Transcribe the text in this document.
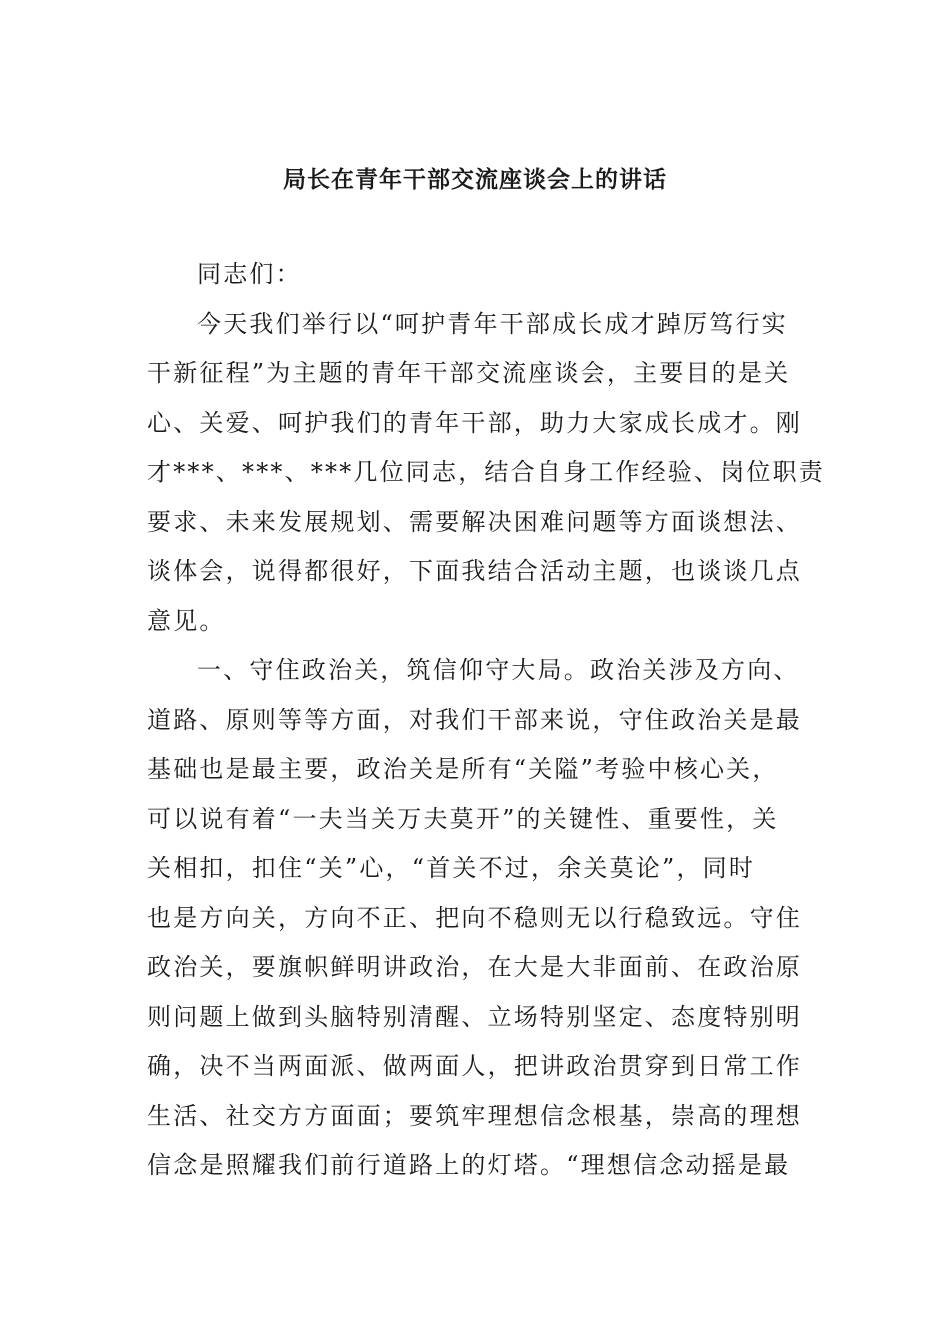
局长在青年干部交流座谈会上的讲话
同志们：
今天我们举行以“呵护青年干部成长成才踔厉笃行实
干新征程”为主题的青年干部交流座谈会，主要目的是关
心、关爱、呵护我们的青年干部，助力大家成长成才。刚
才***、***、***几位同志，结合自身工作经验、岗位职责
要求、未来发展规划、需要解决困难问题等方面谈想法、
谈体会，说得都很好，下面我结合活动主题，也谈谈几点
意见。
一、守住政治关，筑信仰守大局。政治关涉及方向、
道路、原则等等方面，对我们干部来说，守住政治关是最
基础也是最主要，政治关是所有“关隘”考验中核心关，
可以说有着“一夫当关万夫莫开”的关键性、重要性，关
关相扣，扣住“关”心，“首关不过，余关莫论”，同时
也是方向关，方向不正、把向不稳则无以行稳致远。守住
政治关，要旗帜鲜明讲政治，在大是大非面前、在政治原
则问题上做到头脑特别清醒、立场特别坚定、态度特别明
确，决不当两面派、做两面人，把讲政治贯穿到日常工作
生活、社交方方面面；要筑牢理想信念根基，崇高的理想
信念是照耀我们前行道路上的灯塔。“理想信念动摇是最
